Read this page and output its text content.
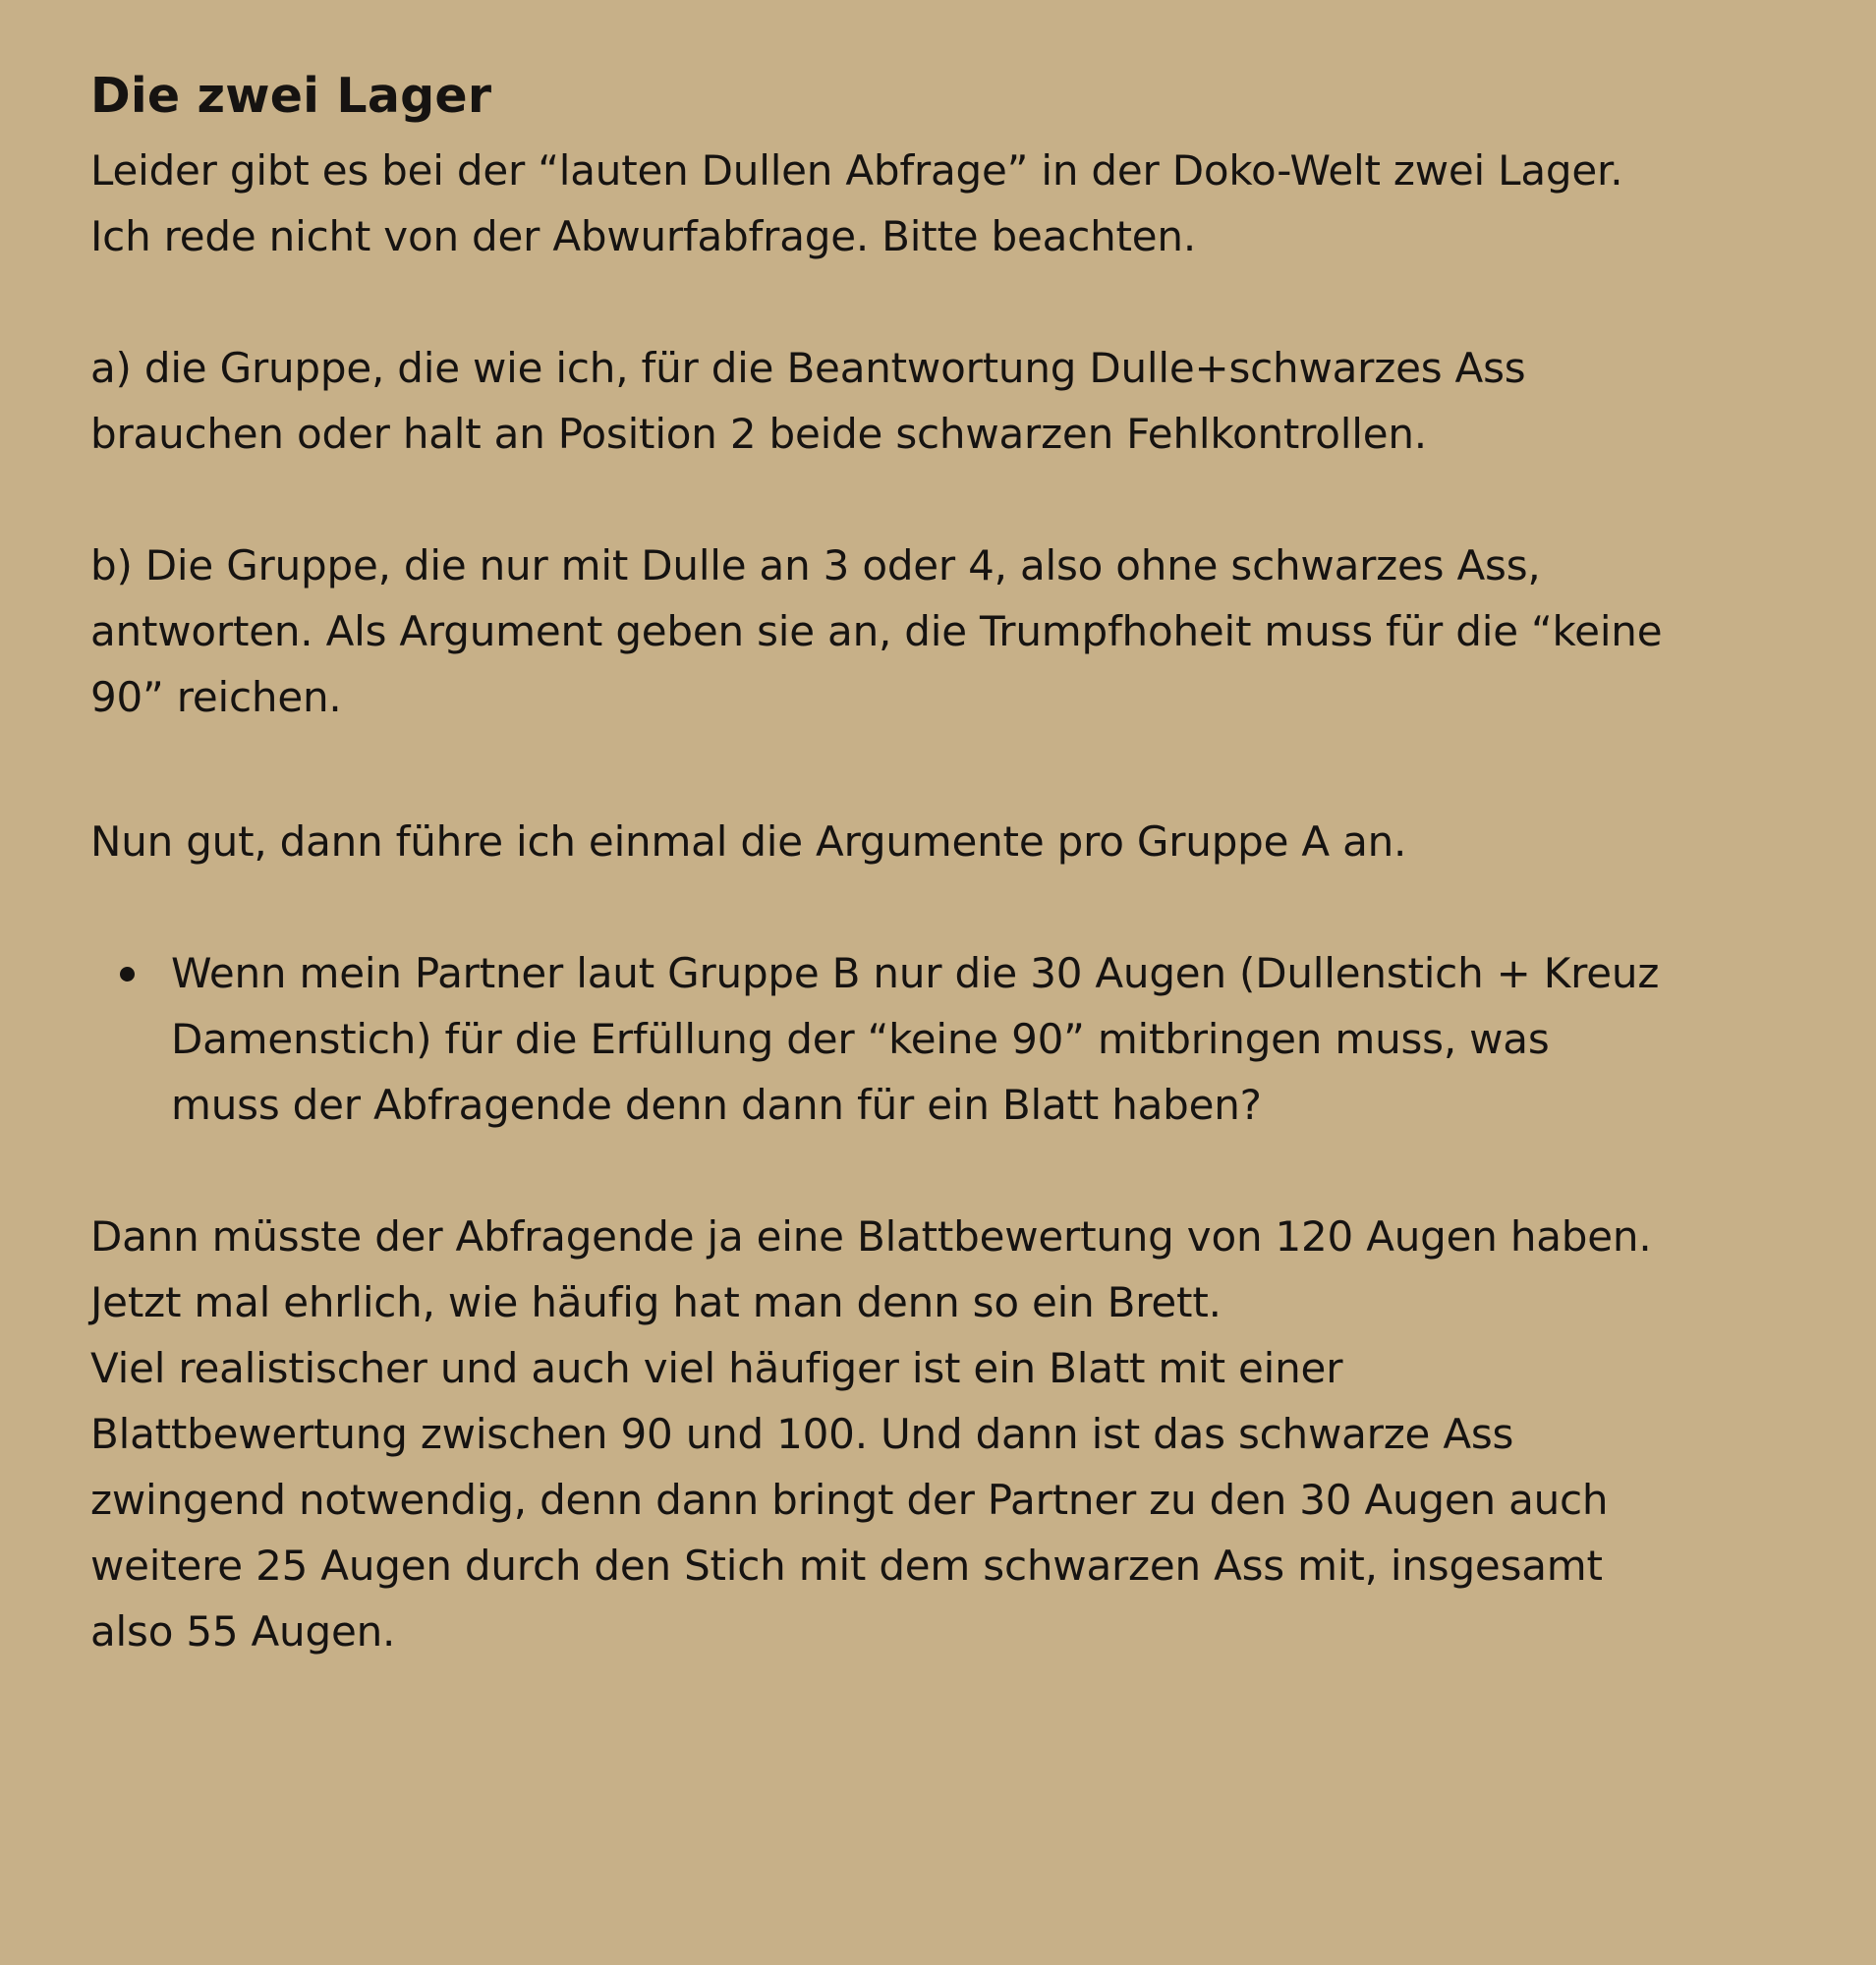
Die zwei Lager

Leider gibt es bei der “lauten Dullen Abfrage” in der Doko-Welt zwei Lager.
Ich rede nicht von der Abwurfabfrage. Bitte beachten.

a) die Gruppe, die wie ich, für die Beantwortung Dulle+schwarzes Ass
brauchen oder halt an Position 2 beide schwarzen Fehlkontrollen.

b) Die Gruppe, die nur mit Dulle an 3 oder 4, also ohne schwarzes Ass,
antworten. Als Argument geben sie an, die Trumpfhoheit muss für die “keine
90” reichen.

Nun gut, dann führe ich einmal die Argumente pro Gruppe A an.

Wenn mein Partner laut Gruppe B nur die 30 Augen (Dullenstich + Kreuz
Damenstich) für die Erfüllung der “keine 90” mitbringen muss, was
muss der Abfragende denn dann für ein Blatt haben?

Dann müsste der Abfragende ja eine Blattbewertung von 120 Augen haben.
Jetzt mal ehrlich, wie häufig hat man denn so ein Brett.
Viel realistischer und auch viel häufiger ist ein Blatt mit einer
Blattbewertung zwischen 90 und 100. Und dann ist das schwarze Ass
zwingend notwendig, denn dann bringt der Partner zu den 30 Augen auch
weitere 25 Augen durch den Stich mit dem schwarzen Ass mit, insgesamt
also 55 Augen.
